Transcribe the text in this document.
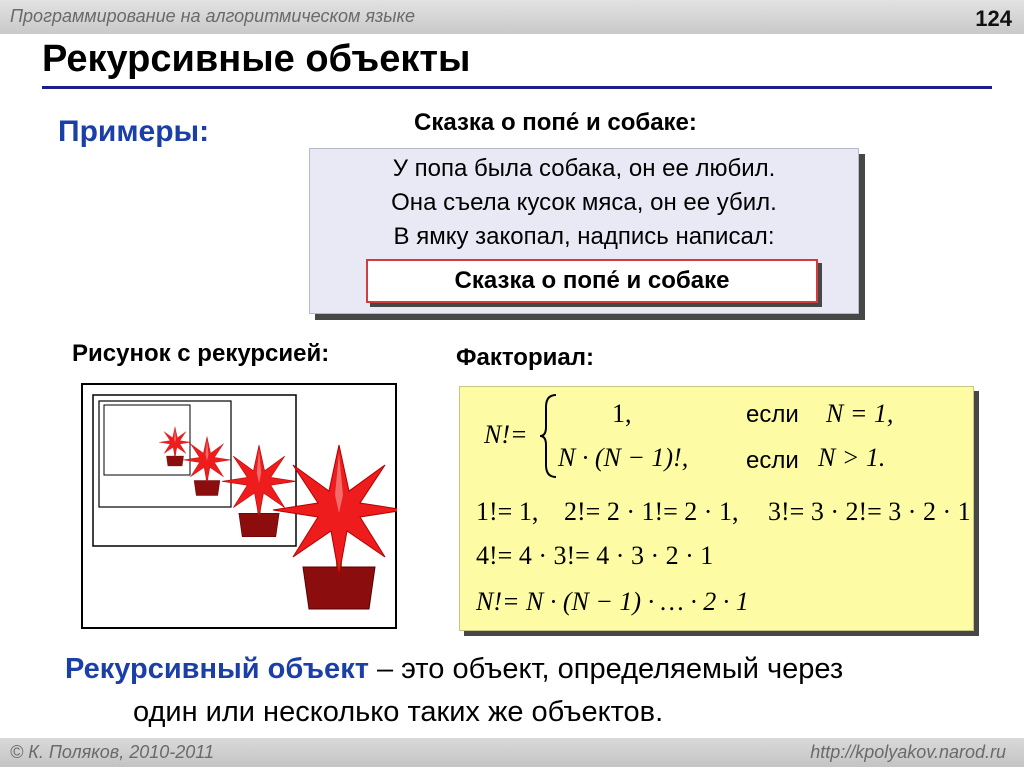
Программирование на алгоритмическом языке	124
Рекурсивные объекты
Примеры:	Сказка о попе́ и собаке:
У попа была собака, он ее любил.
Она съела кусок мяса, он ее убил.
В ямку закопал, надпись написал:
Сказка о попе́ и собаке
Рисунок с рекурсией:	Факториал:
N!=
1,	если N = 1,
N · (N − 1)!, если N > 1.
1!= 1, 2!= 2 · 1!= 2 · 1, 3!= 3 · 2!= 3 · 2 · 1
4!= 4 · 3!= 4 · 3 · 2 · 1
N!= N · (N − 1) · … · 2 · 1
Рекурсивный объект – это объект, определяемый через
один или несколько таких же объектов.
© К. Поляков, 2010-2011	http://kpolyakov.narod.ru
